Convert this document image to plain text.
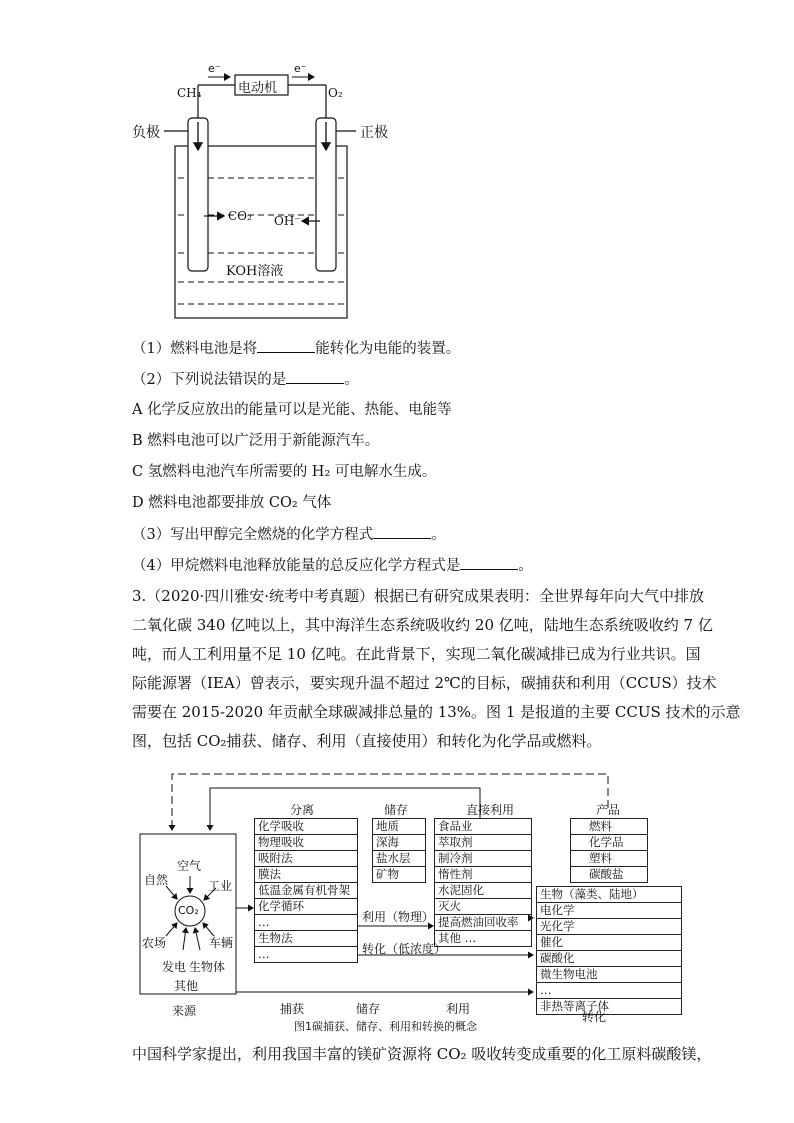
e⁻	e⁻
电动机
CH₄	O₂
负极	正极
CO₂ OH⁻
KOH溶液
（1）燃料电池是将	能转化为电能的装置。
（2）下列说法错误的是	。
A 化学反应放出的能量可以是光能、热能、电能等
B 燃料电池可以广泛用于新能源汽车。
C 氢燃料电池汽车所需要的 H₂ 可电解水生成。
D 燃料电池都要排放 CO₂ 气体
（3）写出甲醇完全燃烧的化学方程式	。
（4）甲烷燃料电池释放能量的总反应化学方程式是	。
3.（2020·四川雅安·统考中考真题）根据已有研究成果表明：全世界每年向大气中排放
二氧化碳 340 亿吨以上，其中海洋生态系统吸收约 20 亿吨，陆地生态系统吸收约 7 亿
吨，而人工利用量不足 10 亿吨。在此背景下，实现二氧化碳减排已成为行业共识。国
际能源署（IEA）曾表示，要实现升温不超过 2℃的目标，碳捕获和利用（CCUS）技术
需要在 2015-2020 年贡献全球碳减排总量的 13%。图 1 是报道的主要 CCUS 技术的示意
图，包括 CO₂捕获、储存、利用（直接使用）和转化为化学品或燃料。
分离	储存	直接利用	产品
化学吸收
物理吸收
吸附法
膜法
低温金属有机骨架
化学循环
…
生物法
…
地质
深海
盐水层
矿物
食品业
萃取剂
制冷剂
惰性剂
水泥固化
灭火
提高燃油回收率
其他 …
燃料
化学品
塑料
碳酸盐
生物（藻类、陆地）
电化学
光化学
催化
碳酸化
微生物电池
…
非热等离子体
CO₂
空气
自然	工业
农场	车辆
发电 生物体
其他
利用（物理）
转化（低浓度）
来源	捕获	储存	利用
转化
图1碳捕获、储存、利用和转换的概念
中国科学家提出，利用我国丰富的镁矿资源将 CO₂ 吸收转变成重要的化工原料碳酸镁，
